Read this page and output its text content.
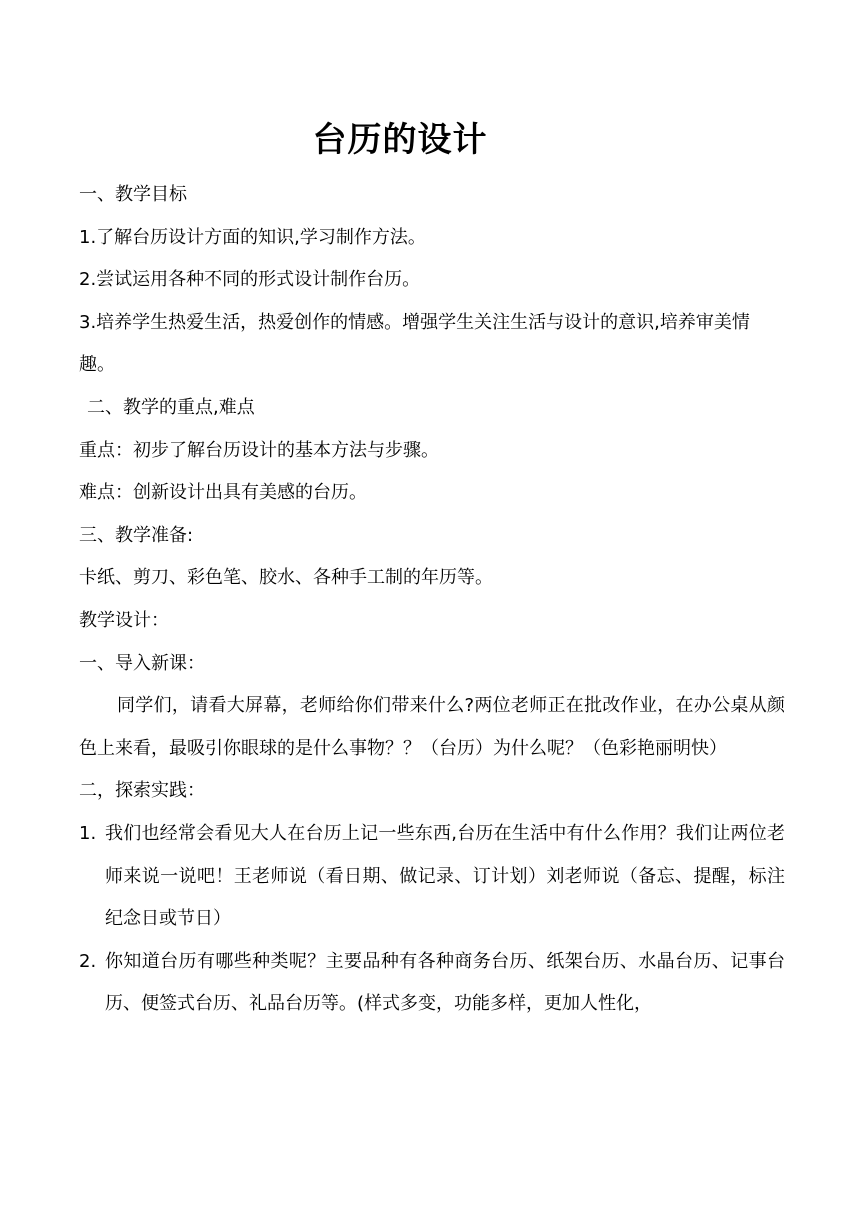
台历的设计

一、教学目标

1.了解台历设计方面的知识,学习制作方法。

2.尝试运用各种不同的形式设计制作台历。

3.培养学生热爱生活，热爱创作的情感。增强学生关注生活与设计的意识,培养审美情趣。

二、教学的重点,难点

重点：初步了解台历设计的基本方法与步骤。

难点：创新设计出具有美感的台历。

三、教学准备:

卡纸、剪刀、彩色笔、胶水、各种手工制的年历等。

教学设计：

一、导入新课：

同学们，请看大屏幕，老师给你们带来什么?两位老师正在批改作业，在办公桌从颜色上来看，最吸引你眼球的是什么事物？？（台历）为什么呢？（色彩艳丽明快）

二，探索实践：

1. 我们也经常会看见大人在台历上记一些东西,台历在生活中有什么作用？我们让两位老师来说一说吧！王老师说（看日期、做记录、订计划）刘老师说（备忘、提醒，标注纪念日或节日）
2. 你知道台历有哪些种类呢？主要品种有各种商务台历、纸架台历、水晶台历、记事台历、便签式台历、礼品台历等。(样式多变，功能多样，更加人性化，
